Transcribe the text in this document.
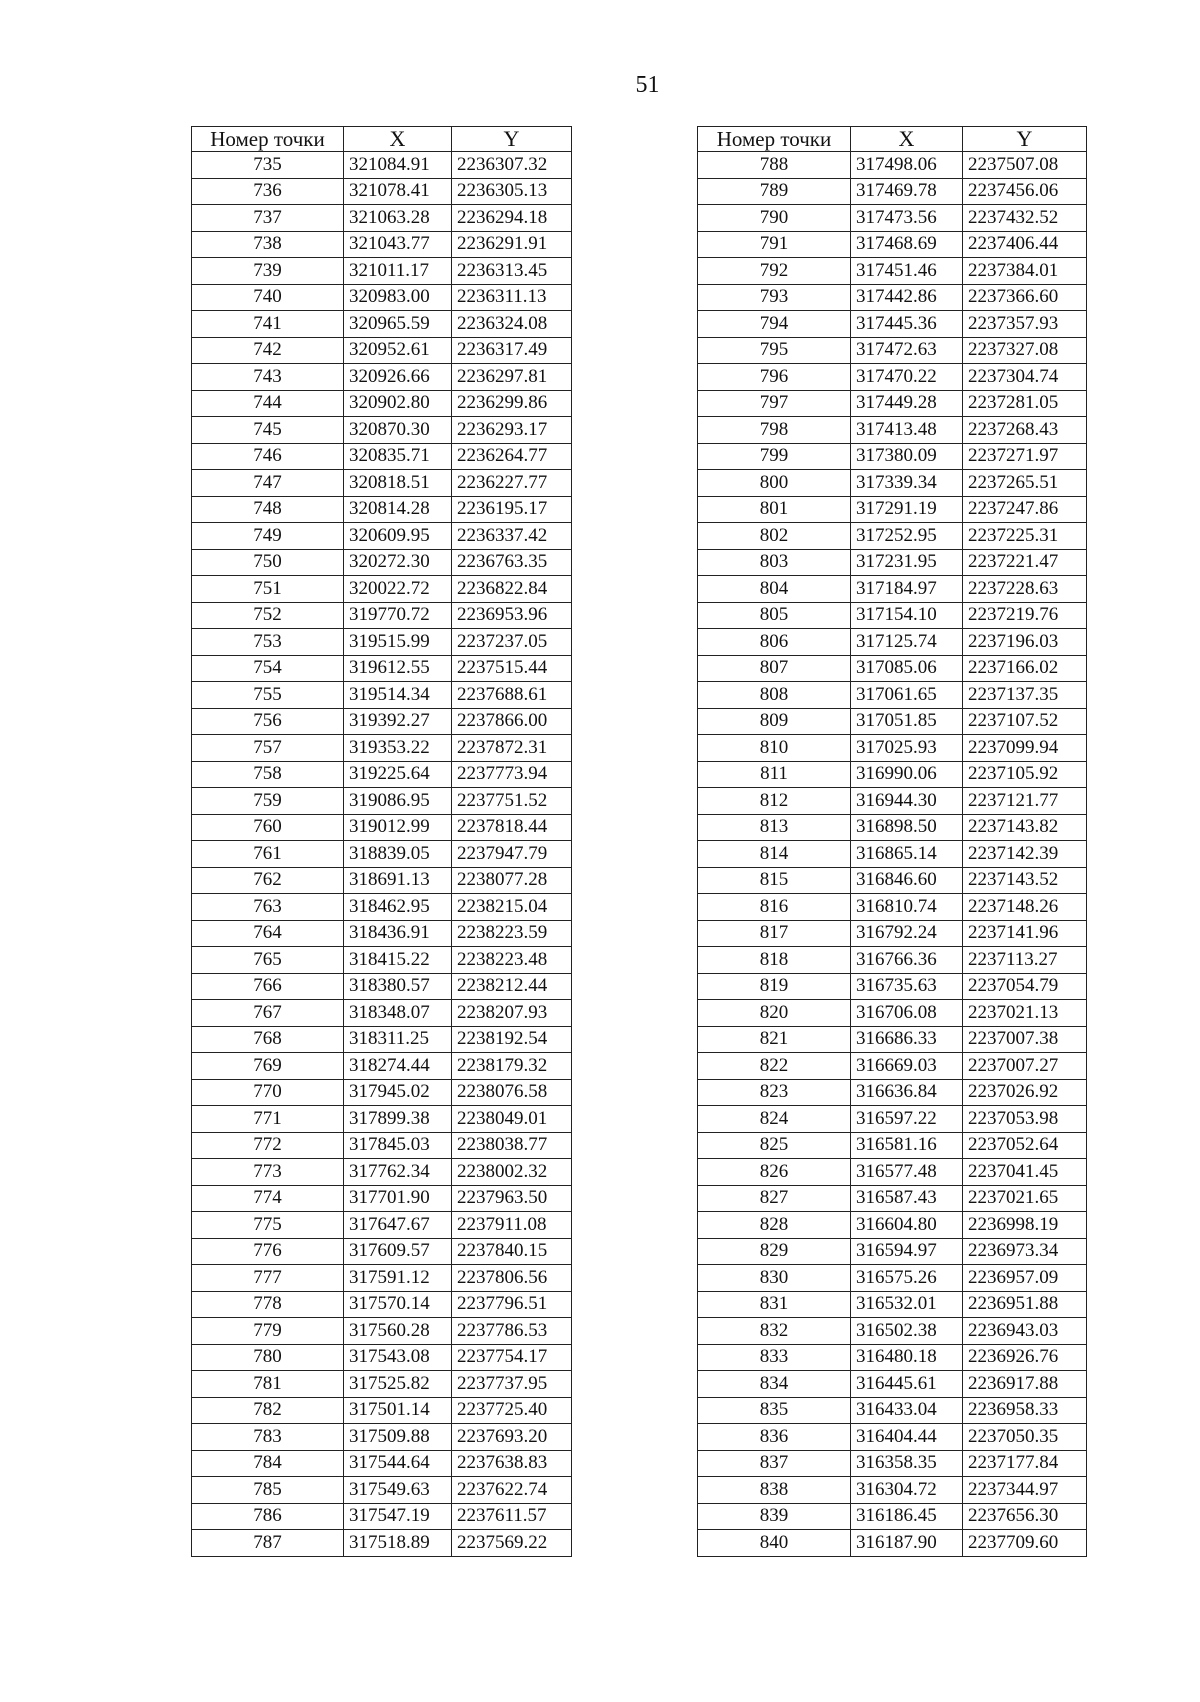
51
Номер точки	X	Y
735	321084.91	2236307.32
736	321078.41	2236305.13
737	321063.28	2236294.18
738	321043.77	2236291.91
739	321011.17	2236313.45
740	320983.00	2236311.13
741	320965.59	2236324.08
742	320952.61	2236317.49
743	320926.66	2236297.81
744	320902.80	2236299.86
745	320870.30	2236293.17
746	320835.71	2236264.77
747	320818.51	2236227.77
748	320814.28	2236195.17
749	320609.95	2236337.42
750	320272.30	2236763.35
751	320022.72	2236822.84
752	319770.72	2236953.96
753	319515.99	2237237.05
754	319612.55	2237515.44
755	319514.34	2237688.61
756	319392.27	2237866.00
757	319353.22	2237872.31
758	319225.64	2237773.94
759	319086.95	2237751.52
760	319012.99	2237818.44
761	318839.05	2237947.79
762	318691.13	2238077.28
763	318462.95	2238215.04
764	318436.91	2238223.59
765	318415.22	2238223.48
766	318380.57	2238212.44
767	318348.07	2238207.93
768	318311.25	2238192.54
769	318274.44	2238179.32
770	317945.02	2238076.58
771	317899.38	2238049.01
772	317845.03	2238038.77
773	317762.34	2238002.32
774	317701.90	2237963.50
775	317647.67	2237911.08
776	317609.57	2237840.15
777	317591.12	2237806.56
778	317570.14	2237796.51
779	317560.28	2237786.53
780	317543.08	2237754.17
781	317525.82	2237737.95
782	317501.14	2237725.40
783	317509.88	2237693.20
784	317544.64	2237638.83
785	317549.63	2237622.74
786	317547.19	2237611.57
787	317518.89	2237569.22
Номер точки	X	Y
788	317498.06	2237507.08
789	317469.78	2237456.06
790	317473.56	2237432.52
791	317468.69	2237406.44
792	317451.46	2237384.01
793	317442.86	2237366.60
794	317445.36	2237357.93
795	317472.63	2237327.08
796	317470.22	2237304.74
797	317449.28	2237281.05
798	317413.48	2237268.43
799	317380.09	2237271.97
800	317339.34	2237265.51
801	317291.19	2237247.86
802	317252.95	2237225.31
803	317231.95	2237221.47
804	317184.97	2237228.63
805	317154.10	2237219.76
806	317125.74	2237196.03
807	317085.06	2237166.02
808	317061.65	2237137.35
809	317051.85	2237107.52
810	317025.93	2237099.94
811	316990.06	2237105.92
812	316944.30	2237121.77
813	316898.50	2237143.82
814	316865.14	2237142.39
815	316846.60	2237143.52
816	316810.74	2237148.26
817	316792.24	2237141.96
818	316766.36	2237113.27
819	316735.63	2237054.79
820	316706.08	2237021.13
821	316686.33	2237007.38
822	316669.03	2237007.27
823	316636.84	2237026.92
824	316597.22	2237053.98
825	316581.16	2237052.64
826	316577.48	2237041.45
827	316587.43	2237021.65
828	316604.80	2236998.19
829	316594.97	2236973.34
830	316575.26	2236957.09
831	316532.01	2236951.88
832	316502.38	2236943.03
833	316480.18	2236926.76
834	316445.61	2236917.88
835	316433.04	2236958.33
836	316404.44	2237050.35
837	316358.35	2237177.84
838	316304.72	2237344.97
839	316186.45	2237656.30
840	316187.90	2237709.60
